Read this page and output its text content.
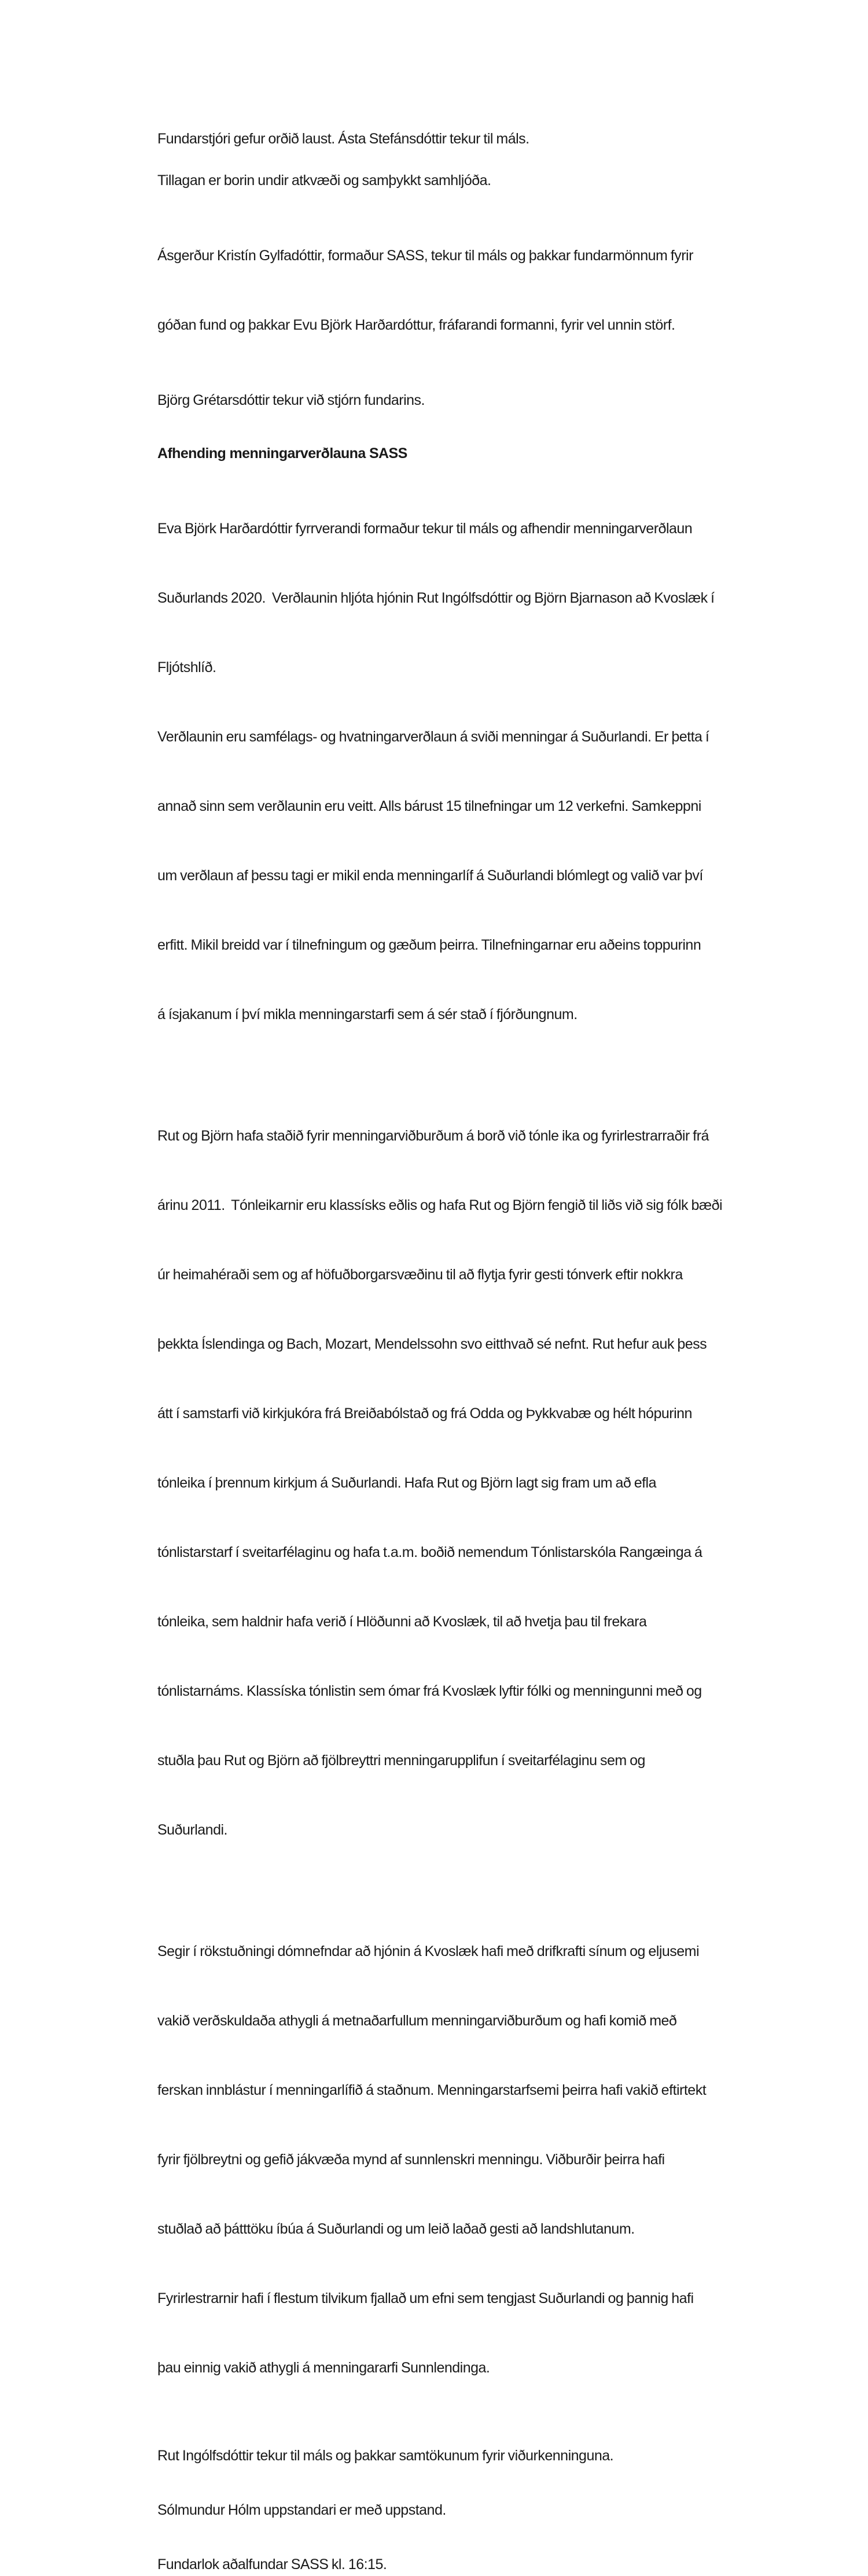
Fundarstjóri gefur orðið laust. Ásta Stefánsdóttir tekur til máls.

Tillagan er borin undir atkvæði og samþykkt samhljóða.

Ásgerður Kristín Gylfadóttir, formaður SASS, tekur til máls og þakkar fundarmönnum fyrir

góðan fund og þakkar Evu Björk Harðardóttur, fráfarandi formanni, fyrir vel unnin störf.

Björg Grétarsdóttir tekur við stjórn fundarins.

Afhending menningarverðlauna SASS

Eva Björk Harðardóttir fyrrverandi formaður tekur til máls og afhendir menningarverðlaun

Suðurlands 2020.  Verðlaunin hljóta hjónin Rut Ingólfsdóttir og Björn Bjarnason að Kvoslæk í

Fljótshlíð.

Verðlaunin eru samfélags- og hvatningarverðlaun á sviði menningar á Suðurlandi. Er þetta í

annað sinn sem verðlaunin eru veitt. Alls bárust 15 tilnefningar um 12 verkefni. Samkeppni

um verðlaun af þessu tagi er mikil enda menningarlíf á Suðurlandi blómlegt og valið var því

erfitt. Mikil breidd var í tilnefningum og gæðum þeirra. Tilnefningarnar eru aðeins toppurinn

á ísjakanum í því mikla menningarstarfi sem á sér stað í fjórðungnum.

Rut og Björn hafa staðið fyrir menningarviðburðum á borð við tónle ika og fyrirlestrarraðir frá

árinu 2011.  Tónleikarnir eru klassísks eðlis og hafa Rut og Björn fengið til liðs við sig fólk bæði

úr heimahéraði sem og af höfuðborgarsvæðinu til að flytja fyrir gesti tónverk eftir nokkra

þekkta Íslendinga og Bach, Mozart, Mendelssohn svo eitthvað sé nefnt. Rut hefur auk þess

átt í samstarfi við kirkjukóra frá Breiðabólstað og frá Odda og Þykkvabæ og hélt hópurinn

tónleika í þrennum kirkjum á Suðurlandi. Hafa Rut og Björn lagt sig fram um að efla

tónlistarstarf í sveitarfélaginu og hafa t.a.m. boðið nemendum Tónlistarskóla Rangæinga á

tónleika, sem haldnir hafa verið í Hlöðunni að Kvoslæk, til að hvetja þau til frekara

tónlistarnáms. Klassíska tónlistin sem ómar frá Kvoslæk lyftir fólki og menningunni með og

stuðla þau Rut og Björn að fjölbreyttri menningarupplifun í sveitarfélaginu sem og

Suðurlandi.

Segir í rökstuðningi dómnefndar að hjónin á Kvoslæk hafi með drifkrafti sínum og eljusemi

vakið verðskuldaða athygli á metnaðarfullum menningarviðburðum og hafi komið með

ferskan innblástur í menningarlífið á staðnum. Menningarstarfsemi þeirra hafi vakið eftirtekt

fyrir fjölbreytni og gefið jákvæða mynd af sunnlenskri menningu. Viðburðir þeirra hafi

stuðlað að þátttöku íbúa á Suðurlandi og um leið laðað gesti að landshlutanum.

Fyrirlestrarnir hafi í flestum tilvikum fjallað um efni sem tengjast Suðurlandi og þannig hafi

þau einnig vakið athygli á menningararfi Sunnlendinga.

Rut Ingólfsdóttir tekur til máls og þakkar samtökunum fyrir viðurkenninguna.

Sólmundur Hólm uppstandari er með uppstand.

Fundarlok aðalfundar SASS kl. 16:15.
